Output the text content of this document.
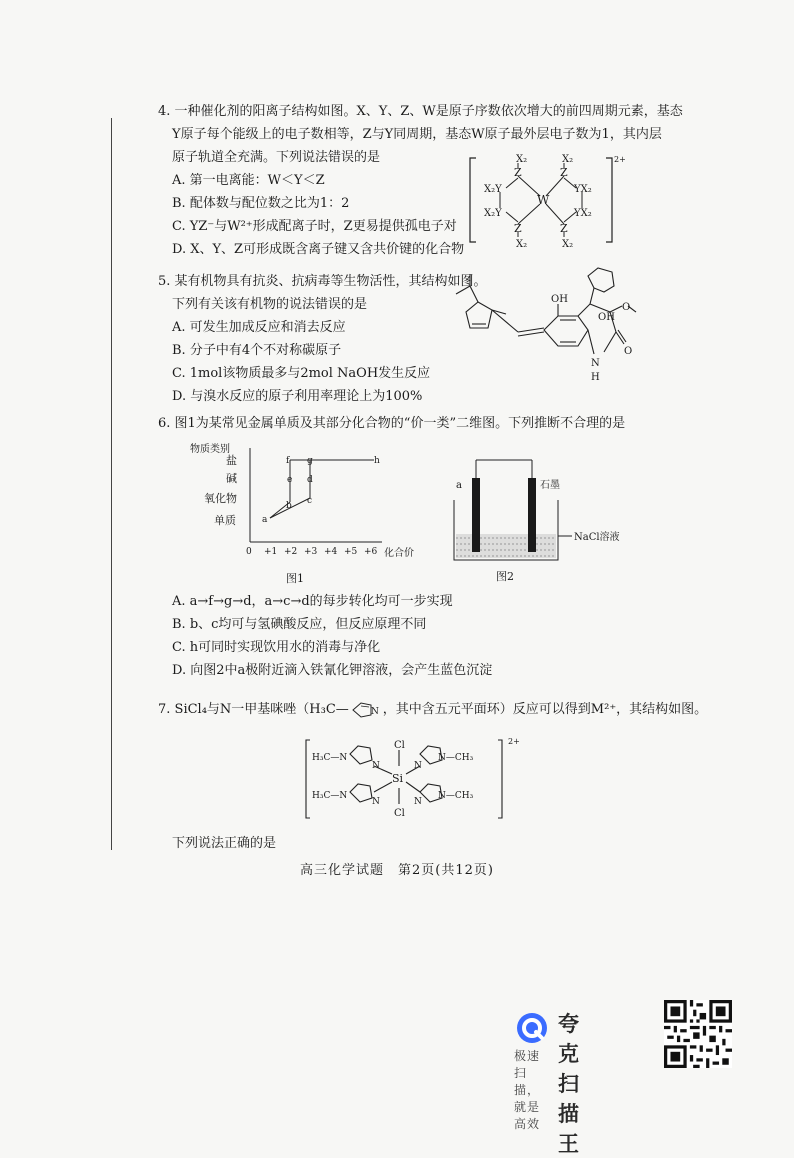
4. 一种催化剂的阳离子结构如图。X、Y、Z、W是原子序数依次增大的前四周期元素，基态
Y原子每个能级上的电子数相等，Z与Y同周期，基态W原子最外层电子数为1，其内层
原子轨道全充满。下列说法错误的是
A. 第一电离能：W＜Y＜Z
B. 配体数与配位数之比为1：2
C. YZ⁻与W²⁺形成配离子时，Z更易提供孤电子对
D. X、Y、Z可形成既含离子键又含共价键的化合物
2+
X₂	X₂
Z	Z
X₂Y	YX₂
W
X₂Y	YX₂
Z	Z
X₂	X₂
5. 某有机物具有抗炎、抗病毒等生物活性，其结构如图。
下列有关该有机物的说法错误的是
A. 可发生加成反应和消去反应
B. 分子中有4个不对称碳原子
C. 1mol该物质最多与2mol NaOH发生反应
D. 与溴水反应的原子利用率理论上为100%
OH
OH
O
O
N
H
6. 图1为某常见金属单质及其部分化合物的“价一类”二维图。下列推断不合理的是
物质类别
盐
碱
氧化物
单质
0 +1 +2 +3 +4 +5 +6 化合价
a
b c
d
e
f g	h
图1
a	石墨
NaCl溶液
图2
A. a→f→g→d，a→c→d的每步转化均可一步实现
B. b、c均可与氢碘酸反应，但反应原理不同
C. h可同时实现饮用水的消毒与净化
D. 向图2中a极附近滴入铁氰化钾溶液，会产生蓝色沉淀
7. SiCl₄与N一甲基咪唑（H₃C— N ，其中含五元平面环）反应可以得到M²⁺，其结构如图。
2+
Cl
Cl
Si
H₃C—N
H₃C—N
N—CH₃
N—CH₃
N
N
N
N
下列说法正确的是
高三化学试题　第2页(共12页)
夸克扫描王
极速扫描，就是高效
